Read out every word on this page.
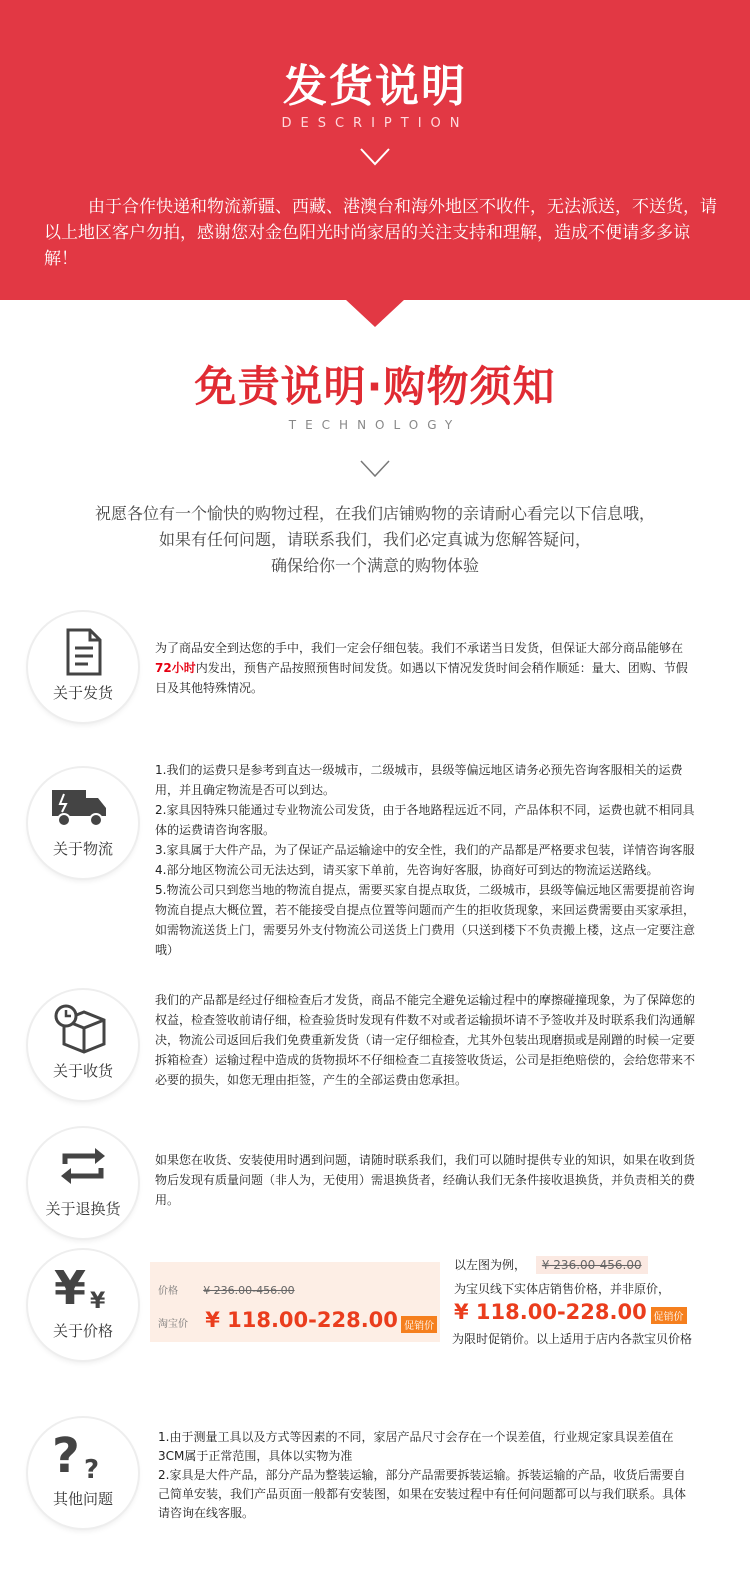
发货说明
DESCRIPTION
由于合作快递和物流新疆、西藏、港澳台和海外地区不收件，无法派送，不送货，请以上地区客户勿拍，感谢您对金色阳光时尚家居的关注支持和理解，造成不便请多多谅解！
免责说明·购物须知
TECHNOLOGY
祝愿各位有一个愉快的购物过程，在我们店铺购物的亲请耐心看完以下信息哦，
如果有任何问题，请联系我们，我们必定真诚为您解答疑问，
确保给你一个满意的购物体验
关于发货
为了商品安全到达您的手中，我们一定会仔细包装。我们不承诺当日发货，但保证大部分商品能够在72小时内发出，预售产品按照预售时间发货。如遇以下情况发货时间会稍作顺延：量大、团购、节假日及其他特殊情况。
关于物流

1.我们的运费只是参考到直达一级城市，二级城市，县级等偏远地区请务必预先咨询客服相关的运费用，并且确定物流是否可以到达。

2.家具因特殊只能通过专业物流公司发货，由于各地路程远近不同，产品体积不同，运费也就不相同具体的运费请咨询客服。

3.家具属于大件产品，为了保证产品运输途中的安全性，我们的产品都是严格要求包装，详情咨询客服

4.部分地区物流公司无法达到，请买家下单前，先咨询好客服，协商好可到达的物流运送路线。

5.物流公司只到您当地的物流自提点，需要买家自提点取货，二级城市，县级等偏远地区需要提前咨询物流自提点大概位置，若不能接受自提点位置等问题而产生的拒收货现象，来回运费需要由买家承担，如需物流送货上门，需要另外支付物流公司送货上门费用（只送到楼下不负责搬上楼，这点一定要注意哦）

关于收货
我们的产品都是经过仔细检查后才发货，商品不能完全避免运输过程中的摩擦碰撞现象，为了保障您的权益，检查签收前请仔细，检查验货时发现有件数不对或者运输损坏请不予签收并及时联系我们沟通解决，物流公司返回后我们免费重新发货（请一定仔细检查，尤其外包装出现磨损或是剐蹭的时候一定要拆箱检查）运输过程中造成的货物损坏不仔细检查二直接签收货运，公司是拒绝赔偿的，会给您带来不必要的损失，如您无理由拒签，产生的全部运费由您承担。
关于退换货
如果您在收货、安装使用时遇到问题，请随时联系我们，我们可以随时提供专业的知识，如果在收到货物后发现有质量问题（非人为，无使用）需退换货者，经确认我们无条件接收退换货，并负责相关的费用。
¥ ¥
关于价格
价格 ¥ 236.00-456.00
淘宝价 ¥ 118.00-228.00 促销价
以左图为例， ¥ 236.00-456.00
为宝贝线下实体店销售价格，并非原价，
¥ 118.00-228.00 促销价
为限时促销价。以上适用于店内各款宝贝价格
? ?
其他问题

1.由于测量工具以及方式等因素的不同，家居产品尺寸会存在一个误差值，行业规定家具误差值在　3CM属于正常范围，具体以实物为准

2.家具是大件产品，部分产品为整装运输，部分产品需要拆装运输。拆装运输的产品，收货后需要自己简单安装，我们产品页面一般都有安装图，如果在安装过程中有任何问题都可以与我们联系。具体请咨询在线客服。
